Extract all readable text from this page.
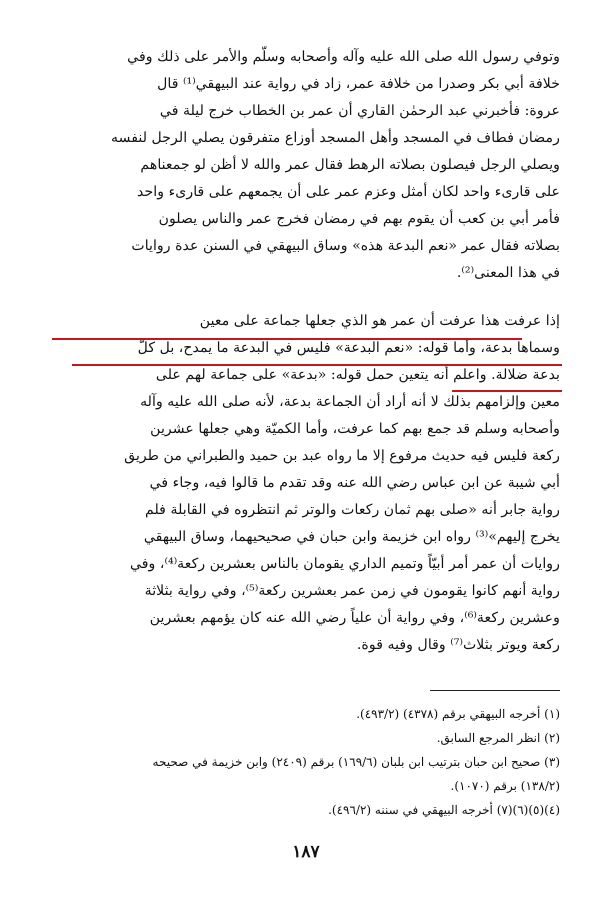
وتوفي رسول الله صلى الله عليه وآله وأصحابه وسلّم والأمر على ذلك وفي
خلافة أبي بكر وصدرا من خلافة عمر، زاد في رواية عند البيهقي⁽¹⁾ قال
عروة: فأخبرني عبد الرحمٰن القاري أن عمر بن الخطاب خرج ليلة في
رمضان فطاف في المسجد وأهل المسجد أوزاع متفرقون يصلي الرجل لنفسه
ويصلي الرجل فيصلون بصلاته الرهط فقال عمر والله لا أظن لو جمعناهم
على قارىء واحد لكان أمثل وعزم عمر على أن يجمعهم على قارىء واحد
فأمر أبي بن كعب أن يقوم بهم في رمضان فخرج عمر والناس يصلون
بصلاته فقال عمر «نعم البدعة هذه» وساق البيهقي في السنن عدة روايات
في هذا المعنى⁽²⁾.
إذا عرفت هذا عرفت أن عمر هو الذي جعلها جماعة على معين
وسماها بدعة، وأما قوله: «نعم البدعة» فليس في البدعة ما يمدح، بل كلّ
بدعة ضلالة. واعلم أنه يتعين حمل قوله: «بدعة» على جماعة لهم على
معين وإلزامهم بذلك لا أنه أراد أن الجماعة بدعة، لأنه صلى الله عليه وآله
وأصحابه وسلم قد جمع بهم كما عرفت، وأما الكميّة وهي جعلها عشرين
ركعة فليس فيه حديث مرفوع إلا ما رواه عبد بن حميد والطبراني من طريق
أبي شيبة عن ابن عباس رضي الله عنه وقد تقدم ما قالوا فيه، وجاء في
رواية جابر أنه «صلى بهم ثمان ركعات والوتر ثم انتظروه في القابلة فلم
يخرج إليهم»⁽³⁾ رواه ابن خزيمة وابن حبان في صحيحيهما، وساق البيهقي
روايات أن عمر أمر أبيّاً وتميم الداري يقومان بالناس بعشرين ركعة⁽⁴⁾، وفي
رواية أنهم كانوا يقومون في زمن عمر بعشرين ركعة⁽⁵⁾، وفي رواية بثلاثة
وعشرين ركعة⁽⁶⁾، وفي رواية أن علياً رضي الله عنه كان يؤمهم بعشرين
ركعة ويوتر بثلاث⁽⁷⁾ وقال وفيه قوة.
(١) أخرجه البيهقي برقم (٤٣٧٨) (٤٩٣/٢).
(٢) انظر المرجع السابق.
(٣) صحيح ابن حبان بترتيب ابن بلبان (١٦٩/٦) برقم (٢٤٠٩) وابن خزيمة في صحيحه
(١٣٨/٢) برقم (١٠٧٠).
(٤)(٥)(٦)(٧) أخرجه البيهقي في سننه (٤٩٦/٢).
١٨٧
